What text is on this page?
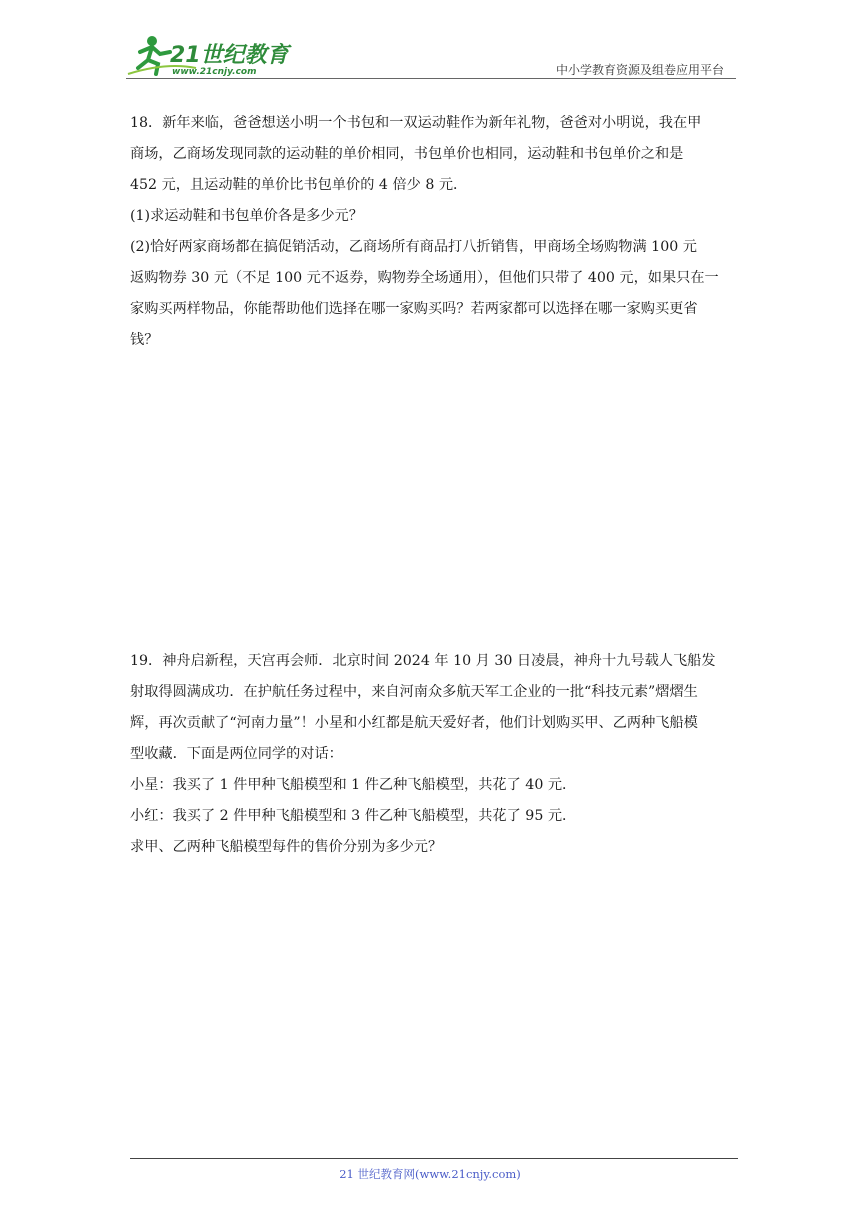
21世纪教育
www.21cnjy.com	中小学教育资源及组卷应用平台

18．新年来临，爸爸想送小明一个书包和一双运动鞋作为新年礼物，爸爸对小明说，我在甲

商场，乙商场发现同款的运动鞋的单价相同，书包单价也相同，运动鞋和书包单价之和是

452 元，且运动鞋的单价比书包单价的 4 倍少 8 元．

(1)求运动鞋和书包单价各是多少元？

(2)恰好两家商场都在搞促销活动，乙商场所有商品打八折销售，甲商场全场购物满 100 元

返购物券 30 元（不足 100 元不返券，购物券全场通用），但他们只带了 400 元，如果只在一

家购买两样物品，你能帮助他们选择在哪一家购买吗？若两家都可以选择在哪一家购买更省

钱？

19．神舟启新程，天宫再会师．北京时间 2024 年 10 月 30 日凌晨，神舟十九号载人飞船发

射取得圆满成功．在护航任务过程中，来自河南众多航天军工企业的一批“科技元素”熠熠生

辉，再次贡献了“河南力量”！小星和小红都是航天爱好者，他们计划购买甲、乙两种飞船模

型收藏．下面是两位同学的对话：

小星：我买了 1 件甲种飞船模型和 1 件乙种飞船模型，共花了 40 元．

小红：我买了 2 件甲种飞船模型和 3 件乙种飞船模型，共花了 95 元．

求甲、乙两种飞船模型每件的售价分别为多少元？

21 世纪教育网(www.21cnjy.com)
